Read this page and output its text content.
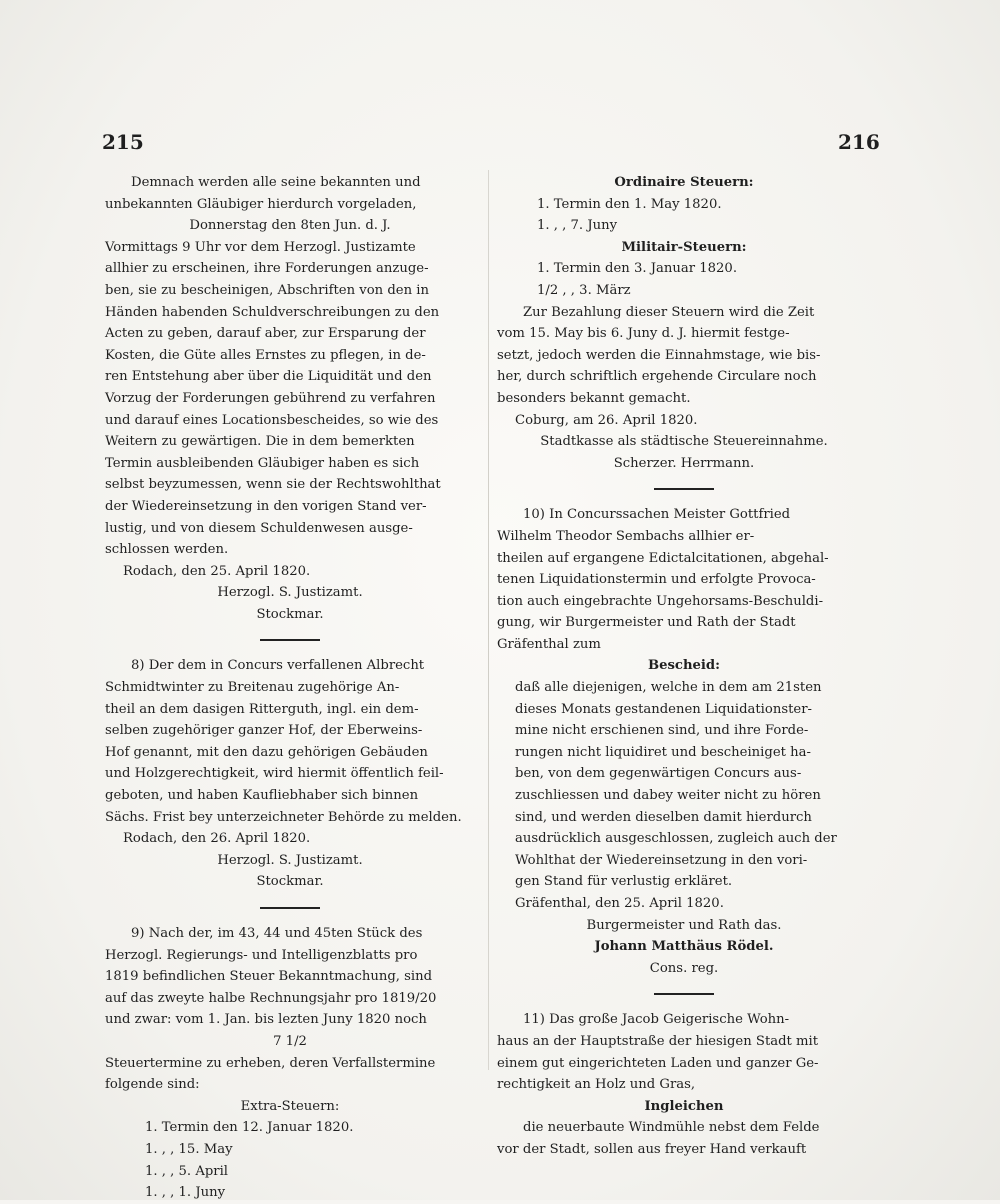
215	216

Demnach werden alle seine bekannten und

unbekannten Gläubiger hierdurch vorgeladen,

Donnerstag den 8ten Jun. d. J.

Vormittags 9 Uhr vor dem Herzogl. Justizamte

allhier zu erscheinen, ihre Forderungen anzuge-

ben, sie zu bescheinigen, Abschriften von den in

Händen habenden Schuldverschreibungen zu den

Acten zu geben, darauf aber, zur Ersparung der

Kosten, die Güte alles Ernstes zu pflegen, in de-

ren Entstehung aber über die Liquidität und den

Vorzug der Forderungen gebührend zu verfahren

und darauf eines Locationsbescheides, so wie des

Weitern zu gewärtigen. Die in dem bemerkten

Termin ausbleibenden Gläubiger haben es sich

selbst beyzumessen, wenn sie der Rechtswohlthat

der Wiedereinsetzung in den vorigen Stand ver-

lustig, und von diesem Schuldenwesen ausge-

schlossen werden.

Rodach, den 25. April 1820.

Herzogl. S. Justizamt.

Stockmar.

8) Der dem in Concurs verfallenen Albrecht

Schmidtwinter zu Breitenau zugehörige An-

theil an dem dasigen Ritterguth, ingl. ein dem-

selben zugehöriger ganzer Hof, der Eberweins-

Hof genannt, mit den dazu gehörigen Gebäuden

und Holzgerechtigkeit, wird hiermit öffentlich feil-

geboten, und haben Kaufliebhaber sich binnen

Sächs. Frist bey unterzeichneter Behörde zu melden.

Rodach, den 26. April 1820.

Herzogl. S. Justizamt.

Stockmar.

9) Nach der, im 43, 44 und 45ten Stück des

Herzogl. Regierungs- und Intelligenzblatts pro

1819 befindlichen Steuer Bekanntmachung, sind

auf das zweyte halbe Rechnungsjahr pro 1819/20

und zwar: vom 1. Jan. bis lezten Juny 1820 noch

7 1/2

Steuertermine zu erheben, deren Verfallstermine

folgende sind:

Extra-Steuern:

1. Termin den 12. Januar 1820.

1. , , 15. May

1. , , 5. April

1. , , 1. Juny

Ordinaire Steuern:

1. Termin den 1. May 1820.

1. , , 7. Juny

Militair-Steuern:

1. Termin den 3. Januar 1820.

1/2 , , 3. März

Zur Bezahlung dieser Steuern wird die Zeit

vom 15. May bis 6. Juny d. J. hiermit festge-

setzt, jedoch werden die Einnahmstage, wie bis-

her, durch schriftlich ergehende Circulare noch

besonders bekannt gemacht.

Coburg, am 26. April 1820.

Stadtkasse als städtische Steuereinnahme.

Scherzer. Herrmann.

10) In Concurssachen Meister Gottfried

Wilhelm Theodor Sembachs allhier er-

theilen auf ergangene Edictalcitationen, abgehal-

tenen Liquidationstermin und erfolgte Provoca-

tion auch eingebrachte Ungehorsams-Beschuldi-

gung, wir Burgermeister und Rath der Stadt

Gräfenthal zum

Bescheid:

daß alle diejenigen, welche in dem am 21sten

dieses Monats gestandenen Liquidationster-

mine nicht erschienen sind, und ihre Forde-

rungen nicht liquidiret und bescheiniget ha-

ben, von dem gegenwärtigen Concurs aus-

zuschliessen und dabey weiter nicht zu hören

sind, und werden dieselben damit hierdurch

ausdrücklich ausgeschlossen, zugleich auch der

Wohlthat der Wiedereinsetzung in den vori-

gen Stand für verlustig erkläret.

Gräfenthal, den 25. April 1820.

Burgermeister und Rath das.

Johann Matthäus Rödel.

Cons. reg.

11) Das große Jacob Geigerische Wohn-

haus an der Hauptstraße der hiesigen Stadt mit

einem gut eingerichteten Laden und ganzer Ge-

rechtigkeit an Holz und Gras,

Ingleichen

die neuerbaute Windmühle nebst dem Felde

vor der Stadt, sollen aus freyer Hand verkauft
